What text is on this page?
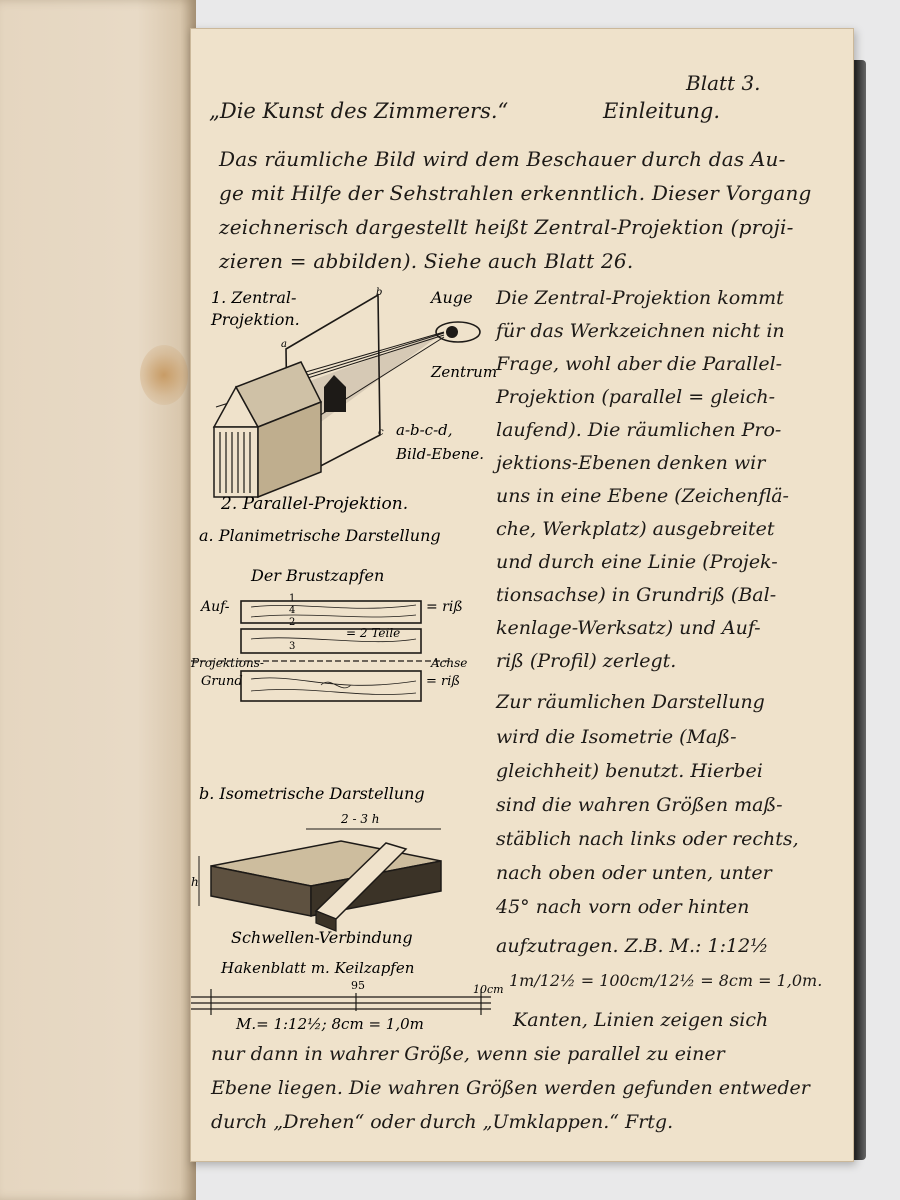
Blatt 3.
„Die Kunst des Zimmerers.“	Einleitung.
Das räumliche Bild wird dem Beschauer durch das Au-
ge mit Hilfe der Sehstrahlen erkenntlich. Dieser Vorgang
zeichnerisch dargestellt heißt Zentral-Projektion (proji-
zieren = abbilden). Siehe auch Blatt 26.
Die Zentral-Projektion kommt
für das Werkzeichnen nicht in
Frage, wohl aber die Parallel-
Projektion (parallel = gleich-
laufend). Die räumlichen Pro-
jektions-Ebenen denken wir
uns in eine Ebene (Zeichenflä-
che, Werkplatz) ausgebreitet
und durch eine Linie (Projek-
tionsachse) in Grundriß (Bal-
kenlage-Werksatz) und Auf-
riß (Profil) zerlegt.
Zur räumlichen Darstellung
wird die Isometrie (Maß-
gleichheit) benutzt. Hierbei
sind die wahren Größen maß-
stäblich nach links oder rechts,
nach oben oder unten, unter
45° nach vorn oder hinten
aufzutragen. Z.B. M.: 1:12½
1m/12½ = 100cm/12½ = 8cm = 1,0m.
Kanten, Linien zeigen sich
nur dann in wahrer Größe, wenn sie parallel zu einer
Ebene liegen. Die wahren Größen werden gefunden entweder
durch „Drehen“ oder durch „Umklappen.“ Frtg.
1. Zentral-
Projektion.
Auge
Zentrum
a-b-c-d,
Bild-Ebene.
a
b
c
2. Parallel-Projektion.
a. Planimetrische Darstellung
Der Brustzapfen
Auf-	= riß
= 2 Teile
Projektions-	Achse
Grund	= riß
1
2
3
4
b. Isometrische Darstellung
2 - 3 h
h
Schwellen-Verbindung
Hakenblatt m. Keilzapfen
95	10cm
M.= 1:12½; 8cm = 1,0m
